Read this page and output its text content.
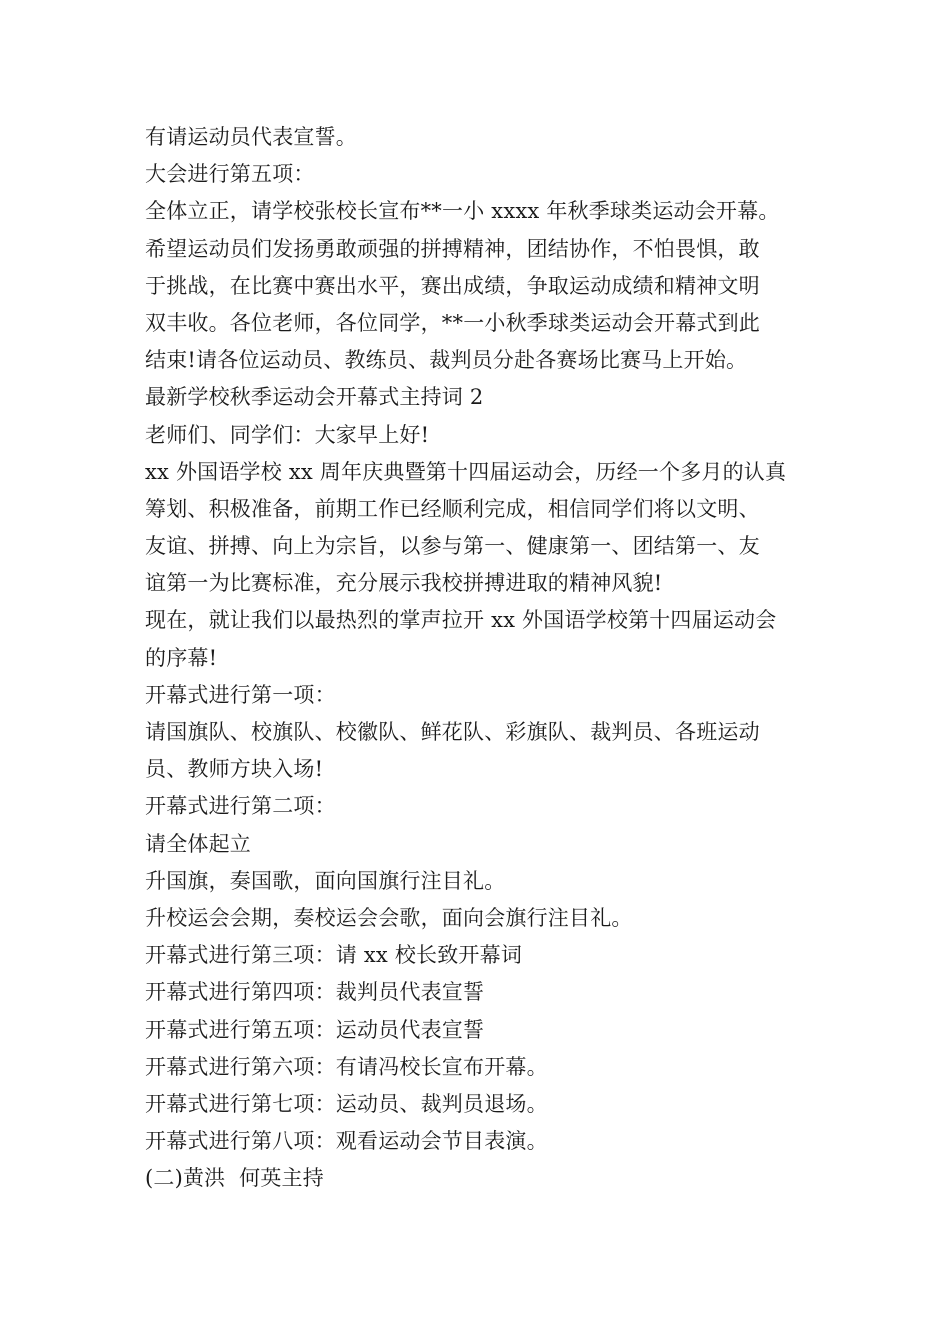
有请运动员代表宣誓。
大会进行第五项：
全体立正，请学校张校长宣布**一小 xxxx 年秋季球类运动会开幕。
希望运动员们发扬勇敢顽强的拼搏精神，团结协作，不怕畏惧，敢
于挑战，在比赛中赛出水平，赛出成绩，争取运动成绩和精神文明
双丰收。各位老师，各位同学，**一小秋季球类运动会开幕式到此
结束!请各位运动员、教练员、裁判员分赴各赛场比赛马上开始。
最新学校秋季运动会开幕式主持词 2
老师们、同学们：大家早上好!
xx 外国语学校 xx 周年庆典暨第十四届运动会，历经一个多月的认真
筹划、积极准备，前期工作已经顺利完成，相信同学们将以文明、
友谊、拼搏、向上为宗旨，以参与第一、健康第一、团结第一、友
谊第一为比赛标准，充分展示我校拼搏进取的精神风貌!
现在，就让我们以最热烈的掌声拉开 xx 外国语学校第十四届运动会
的序幕!
开幕式进行第一项：
请国旗队、校旗队、校徽队、鲜花队、彩旗队、裁判员、各班运动
员、教师方块入场!
开幕式进行第二项：
请全体起立
升国旗，奏国歌，面向国旗行注目礼。
升校运会会期，奏校运会会歌，面向会旗行注目礼。
开幕式进行第三项：请 xx 校长致开幕词
开幕式进行第四项：裁判员代表宣誓
开幕式进行第五项：运动员代表宣誓
开幕式进行第六项：有请冯校长宣布开幕。
开幕式进行第七项：运动员、裁判员退场。
开幕式进行第八项：观看运动会节目表演。
(二)黄洪  何英主持
